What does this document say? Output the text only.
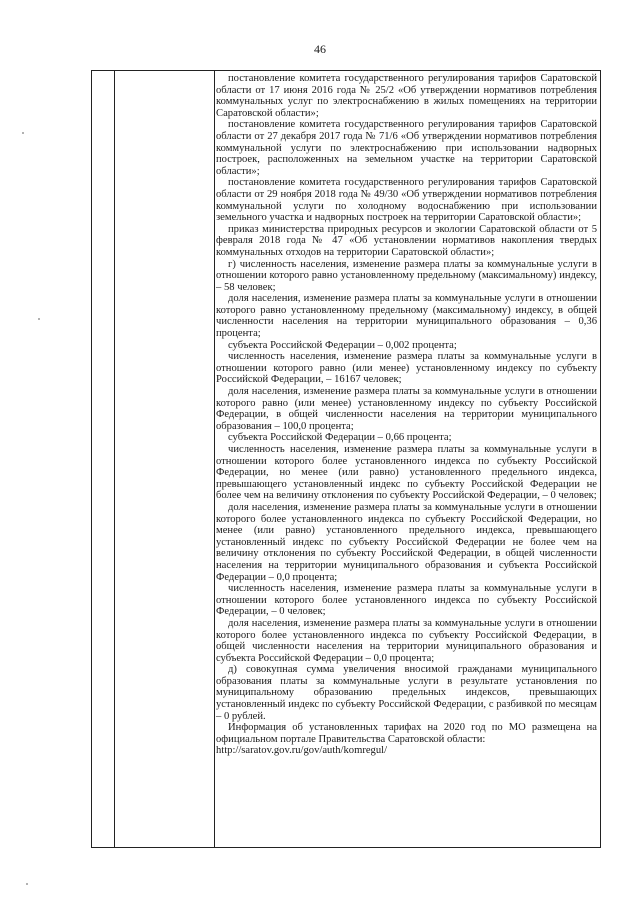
46

постановление комитета государственного регулирования тарифов Саратовской области от 17 июня 2016 года № 25/2 «Об утверждении нормативов потребления коммунальных услуг по электроснабжению в жилых помещениях на территории Саратовской области»;

постановление комитета государственного регулирования тарифов Саратовской области от 27 декабря 2017 года № 71/6 «Об утверждении нормативов потребления коммунальной услуги по электроснабжению при использовании надворных построек, расположенных на земельном участке на территории Саратовской области»;

постановление комитета государственного регулирования тарифов Саратовской области от 29 ноября 2018 года № 49/30 «Об утверждении нормативов потребления коммунальной услуги по холодному водоснабжению при использовании земельного участка и надворных построек на территории Саратовской области»;

приказ министерства природных ресурсов и экологии Саратовской области от 5 февраля 2018 года № 47 «Об установлении нормативов накопления твердых коммунальных отходов на территории Саратовской области»;

г) численность населения, изменение размера платы за коммунальные услуги в отношении которого равно установленному предельному (максимальному) индексу, – 58 человек;

доля населения, изменение размера платы за коммунальные услуги в отношении которого равно установленному предельному (максимальному) индексу, в общей численности населения на территории муниципального образования – 0,36 процента;

субъекта Российской Федерации – 0,002 процента;

численность населения, изменение размера платы за коммунальные услуги в отношении которого равно (или менее) установленному индексу по субъекту Российской Федерации, – 16167 человек;

доля населения, изменение размера платы за коммунальные услуги в отношении которого равно (или менее) установленному индексу по субъекту Российской Федерации, в общей численности населения на территории муниципального образования – 100,0 процента;

субъекта Российской Федерации – 0,66 процента;

численность населения, изменение размера платы за коммунальные услуги в отношении которого более установленного индекса по субъекту Российской Федерации, но менее (или равно) установленного предельного индекса, превышающего установленный индекс по субъекту Российской Федерации не более чем на величину отклонения по субъекту Российской Федерации, – 0 человек;

доля населения, изменение размера платы за коммунальные услуги в отношении которого более установленного индекса по субъекту Российской Федерации, но менее (или равно) установленного предельного индекса, превышающего установленный индекс по субъекту Российской Федерации не более чем на величину отклонения по субъекту Российской Федерации, в общей численности населения на территории муниципального образования и субъекта Российской Федерации – 0,0 процента;

численность населения, изменение размера платы за коммунальные услуги в отношении которого более установленного индекса по субъекту Российской Федерации, – 0 человек;

доля населения, изменение размера платы за коммунальные услуги в отношении которого более установленного индекса по субъекту Российской Федерации, в общей численности населения на территории муниципального образования и субъекта Российской Федерации – 0,0 процента;

д) совокупная сумма увеличения вносимой гражданами муниципального образования платы за коммунальные услуги в результате установления по муниципальному образованию предельных индексов, превышающих установленный индекс по субъекту Российской Федерации, с разбивкой по месяцам – 0 рублей.

Информация об установленных тарифах на 2020 год по МО размещена на официальном портале Правительства Саратовской области:

http://saratov.gov.ru/gov/auth/komregul/
